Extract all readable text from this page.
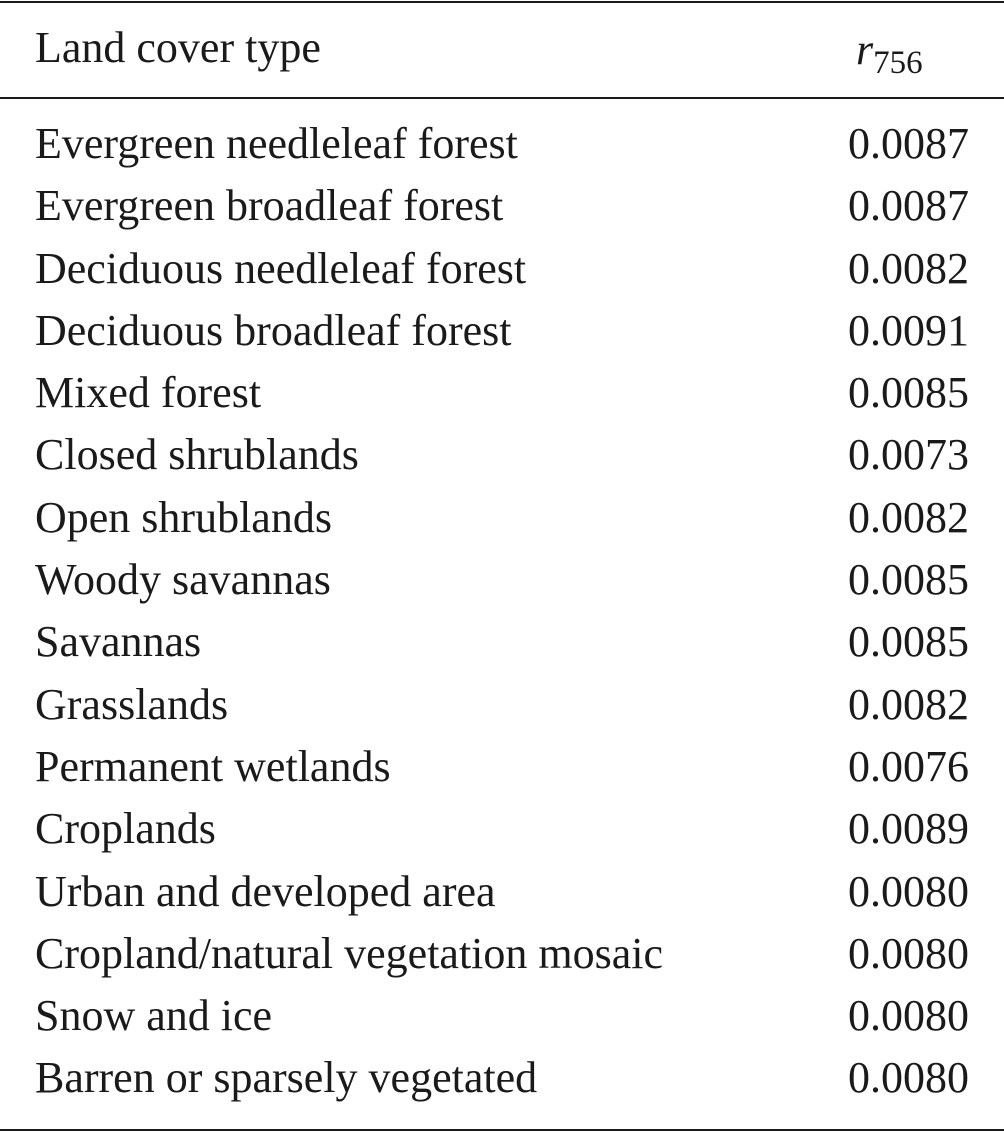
Land cover type	$r_{756}$
Evergreen needleleaf forest	0.0087
Evergreen broadleaf forest	0.0087
Deciduous needleleaf forest	0.0082
Deciduous broadleaf forest	0.0091
Mixed forest	0.0085
Closed shrublands	0.0073
Open shrublands	0.0082
Woody savannas	0.0085
Savannas	0.0085
Grasslands	0.0082
Permanent wetlands	0.0076
Croplands	0.0089
Urban and developed area	0.0080
Cropland/natural vegetation mosaic	0.0080
Snow and ice	0.0080
Barren or sparsely vegetated	0.0080
